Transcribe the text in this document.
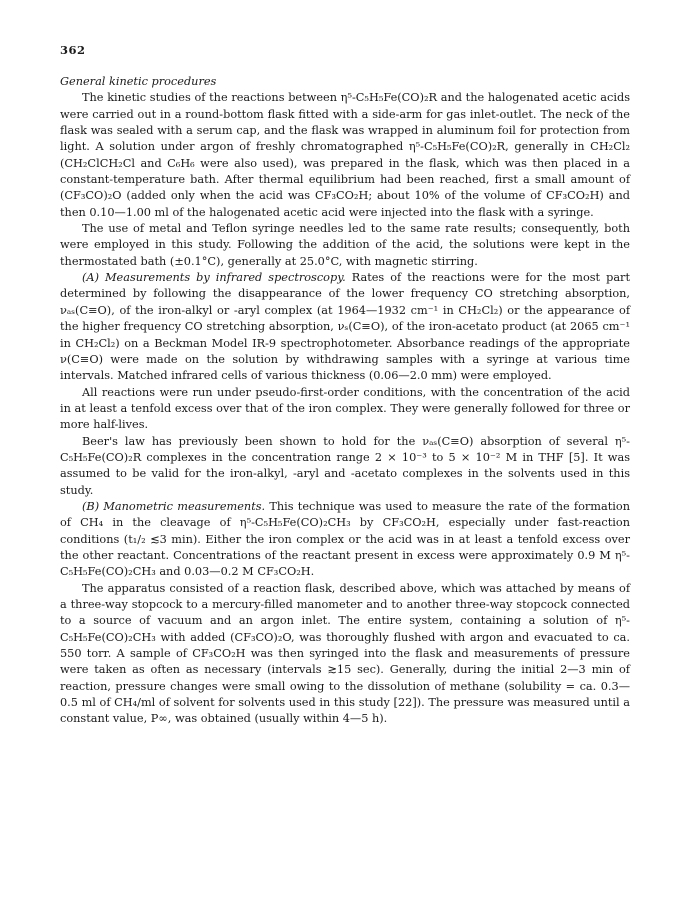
362
General kinetic procedures

The kinetic studies of the reactions between η⁵-C₅H₅Fe(CO)₂R and the halogenated acetic acids were carried out in a round-bottom flask fitted with a side-arm for gas inlet-outlet. The neck of the flask was sealed with a serum cap, and the flask was wrapped in aluminum foil for protection from light. A solution under argon of freshly chromatographed η⁵-C₅H₅Fe(CO)₂R, generally in CH₂Cl₂ (CH₂ClCH₂Cl and C₆H₆ were also used), was prepared in the flask, which was then placed in a constant-temperature bath. After thermal equilibrium had been reached, first a small amount of (CF₃CO)₂O (added only when the acid was CF₃CO₂H; about 10% of the volume of CF₃CO₂H) and then 0.10—1.00 ml of the halogenated acetic acid were injected into the flask with a syringe.

The use of metal and Teflon syringe needles led to the same rate results; consequently, both were employed in this study. Following the addition of the acid, the solutions were kept in the thermostated bath (±0.1°C), generally at 25.0°C, with magnetic stirring.

(A) Measurements by infrared spectroscopy. Rates of the reactions were for the most part determined by following the disappearance of the lower frequency CO stretching absorption, νₐₛ(C≡O), of the iron-alkyl or -aryl complex (at 1964—1932 cm⁻¹ in CH₂Cl₂) or the appearance of the higher frequency CO stretching absorption, νₛ(C≡O), of the iron-acetato product (at 2065 cm⁻¹ in CH₂Cl₂) on a Beckman Model IR-9 spectrophotometer. Absorbance readings of the appropriate ν(C≡O) were made on the solution by withdrawing samples with a syringe at various time intervals. Matched infrared cells of various thickness (0.06—2.0 mm) were employed.

All reactions were run under pseudo-first-order conditions, with the concentration of the acid in at least a tenfold excess over that of the iron complex. They were generally followed for three or more half-lives.

Beer's law has previously been shown to hold for the νₐₛ(C≡O) absorption of several η⁵-C₅H₅Fe(CO)₂R complexes in the concentration range 2 × 10⁻³ to 5 × 10⁻² M in THF [5]. It was assumed to be valid for the iron-alkyl, -aryl and -acetato complexes in the solvents used in this study.

(B) Manometric measurements. This technique was used to measure the rate of the formation of CH₄ in the cleavage of η⁵-C₅H₅Fe(CO)₂CH₃ by CF₃CO₂H, especially under fast-reaction conditions (t₁/₂ ≲3 min). Either the iron complex or the acid was in at least a tenfold excess over the other reactant. Concentrations of the reactant present in excess were approximately 0.9 M η⁵-C₅H₅Fe(CO)₂CH₃ and 0.03—0.2 M CF₃CO₂H.

The apparatus consisted of a reaction flask, described above, which was attached by means of a three-way stopcock to a mercury-filled manometer and to another three-way stopcock connected to a source of vacuum and an argon inlet. The entire system, containing a solution of η⁵-C₅H₅Fe(CO)₂CH₃ with added (CF₃CO)₂O, was thoroughly flushed with argon and evacuated to ca. 550 torr. A sample of CF₃CO₂H was then syringed into the flask and measurements of pressure were taken as often as necessary (intervals ≳15 sec). Generally, during the initial 2—3 min of reaction, pressure changes were small owing to the dissolution of methane (solubility = ca. 0.3—0.5 ml of CH₄/ml of solvent for solvents used in this study [22]). The pressure was measured until a constant value, P∞, was obtained (usually within 4—5 h).
